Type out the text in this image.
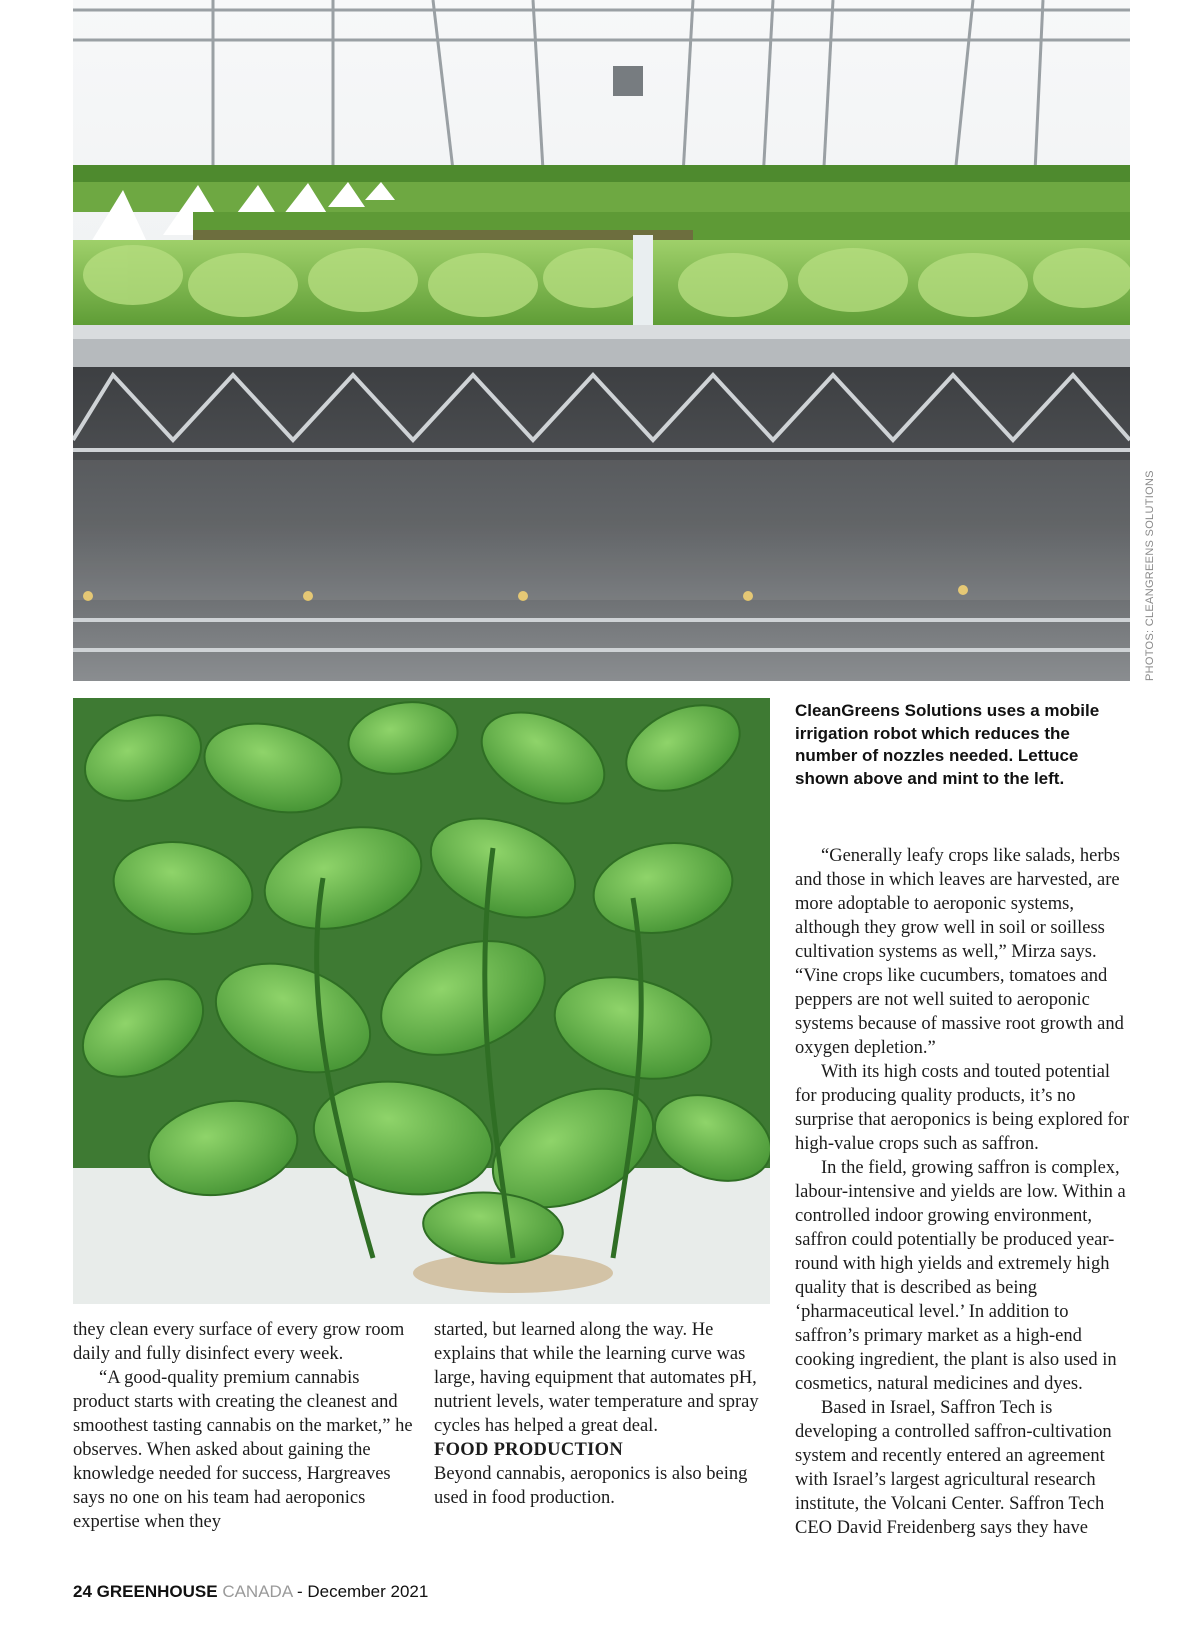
PHOTOS: CLEANGREENS SOLUTIONS
CleanGreens Solutions uses a mobile irrigation robot which reduces the number of nozzles needed. Lettuce shown above and mint to the left.

“Generally leafy crops like salads, herbs and those in which leaves are harvested, are more adoptable to aeroponic systems, although they grow well in soil or soilless cultivation systems as well,” Mirza says. “Vine crops like cucumbers, tomatoes and peppers are not well suited to aeroponic systems because of massive root growth and oxygen depletion.”

With its high costs and touted potential for producing quality products, it’s no surprise that aeroponics is being explored for high-value crops such as saffron.

In the field, growing saffron is complex, labour-intensive and yields are low. Within a controlled indoor growing environment, saffron could potentially be produced year-round with high yields and extremely high quality that is described as being ‘pharmaceutical level.’ In addition to saffron’s primary market as a high-end cooking ingredient, the plant is also used in cosmetics, natural medicines and dyes.

Based in Israel, Saffron Tech is developing a controlled saffron-cultivation system and recently entered an agreement with Israel’s largest agricultural research institute, the Volcani Center. Saffron Tech CEO David Freidenberg says they have

they clean every surface of every grow room daily and fully disinfect every week.

“A good-quality premium cannabis product starts with creating the cleanest and smoothest tasting cannabis on the market,” he observes. When asked about gaining the knowledge needed for success, Hargreaves says no one on his team had aeroponics expertise when they

started, but learned along the way. He explains that while the learning curve was large, having equipment that automates pH, nutrient levels, water temperature and spray cycles has helped a great deal.

FOOD PRODUCTION

Beyond cannabis, aeroponics is also being used in food production.

24 GREENHOUSE CANADA - December 2021
